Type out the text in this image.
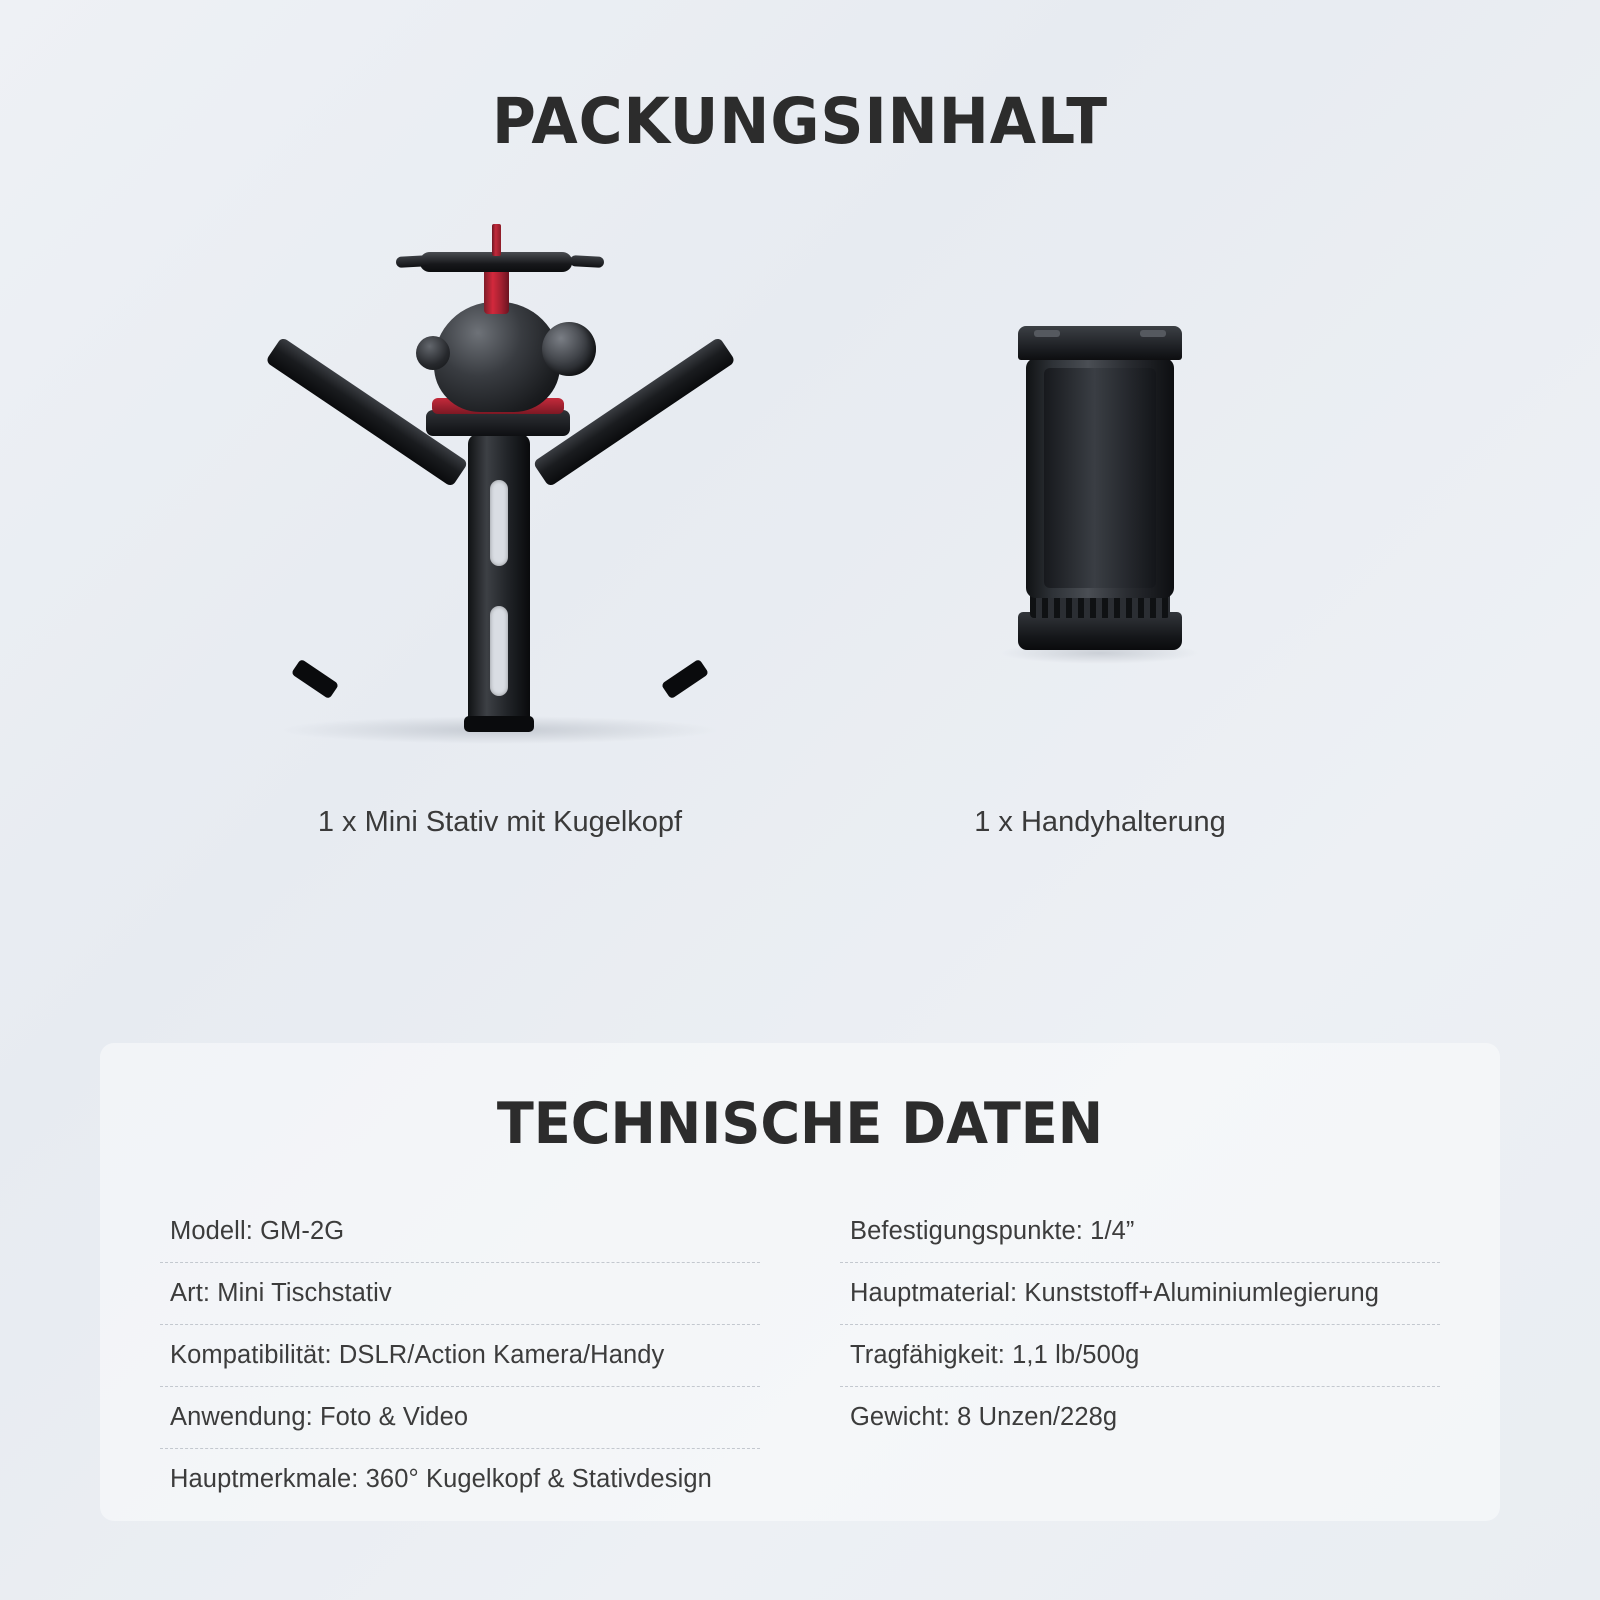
PACKUNGSINHALT
1 x Mini Stativ mit Kugelkopf	1 x Handyhalterung
TECHNISCHE DATEN
Modell: GM-2G
Art: Mini Tischstativ
Kompatibilität: DSLR/Action Kamera/Handy
Anwendung: Foto & Video
Hauptmerkmale: 360° Kugelkopf & Stativdesign
Befestigungspunkte: 1/4”
Hauptmaterial: Kunststoff+Aluminiumlegierung
Tragfähigkeit: 1,1 lb/500g
Gewicht: 8 Unzen/228g
